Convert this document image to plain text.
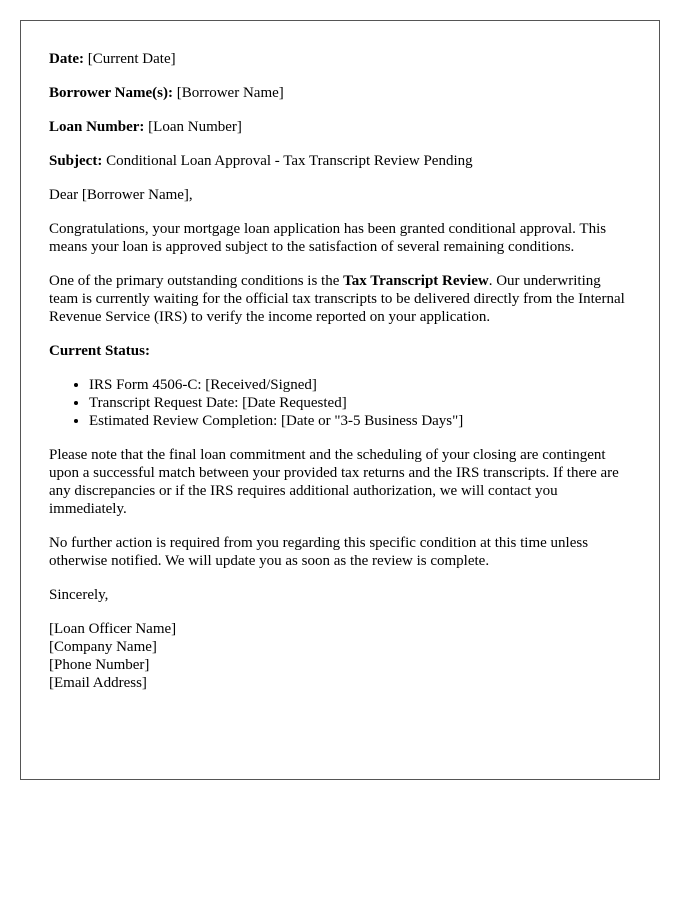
Date: [Current Date]

Borrower Name(s): [Borrower Name]

Loan Number: [Loan Number]

Subject: Conditional Loan Approval - Tax Transcript Review Pending

Dear [Borrower Name],

Congratulations, your mortgage loan application has been granted conditional approval. This means your loan is approved subject to the satisfaction of several remaining conditions.

One of the primary outstanding conditions is the Tax Transcript Review. Our underwriting team is currently waiting for the official tax transcripts to be delivered directly from the Internal Revenue Service (IRS) to verify the income reported on your application.

Current Status:

• IRS Form 4506-C: [Received/Signed]
• Transcript Request Date: [Date Requested]
• Estimated Review Completion: [Date or "3-5 Business Days"]

Please note that the final loan commitment and the scheduling of your closing are contingent upon a successful match between your provided tax returns and the IRS transcripts. If there are any discrepancies or if the IRS requires additional authorization, we will contact you immediately.

No further action is required from you regarding this specific condition at this time unless otherwise notified. We will update you as soon as the review is complete.

Sincerely,

[Loan Officer Name]

[Company Name]

[Phone Number]

[Email Address]
